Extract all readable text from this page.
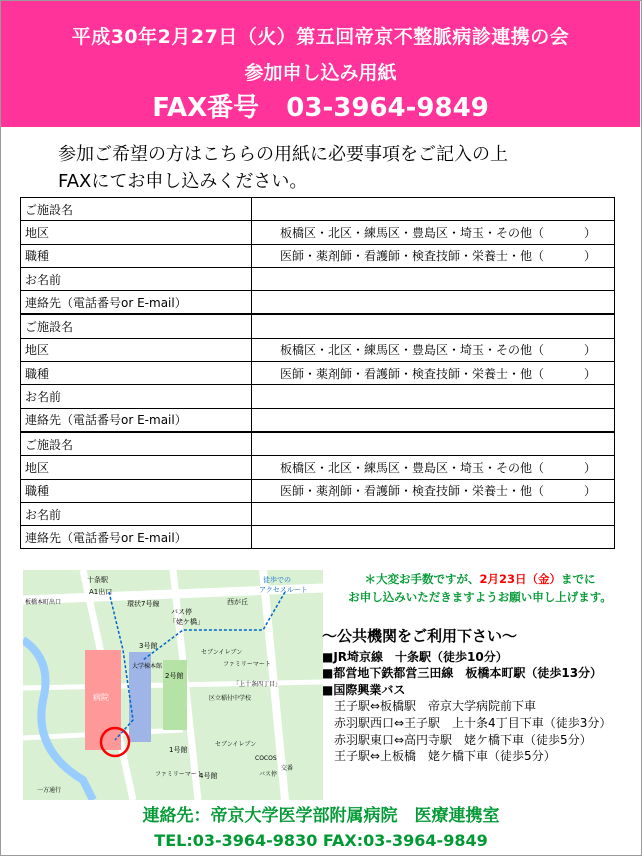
平成30年2月27日（火）第五回帝京不整脈病診連携の会
参加申し込み用紙
FAX番号 03-3964-9849
参加ご希望の方はこちらの用紙に必要事項をご記入の上
FAXにてお申し込みください。
ご施設名	
地区	板橋区・北区・練馬区・豊島区・埼玉・その他（ ）
職種	医師・薬剤師・看護師・検査技師・栄養士・他（ ）
お名前	
連絡先（電話番号or E-mail）	
ご施設名	
地区	板橋区・北区・練馬区・豊島区・埼玉・その他（ ）
職種	医師・薬剤師・看護師・検査技師・栄養士・他（ ）
お名前	
連絡先（電話番号or E-mail）	
ご施設名	
地区	板橋区・北区・練馬区・豊島区・埼玉・その他（ ）
職種	医師・薬剤師・看護師・検査技師・栄養士・他（ ）
お名前	
連絡先（電話番号or E-mail）	
病院
大学棟本館
2号館
3号館
1号館
4号館
十条駅
A1出口
板橋本町出口	環状7号線
バス停
「姥ケ橋」
西が丘
徒歩での
アクセスルート
セブンイレブン
ファミリーマート
「上十条四丁目」
区立稲付中学校
セブンイレブン
ファミリーマート
COCOS
交番
バス停
一方通行
＊大変お手数ですが、2月23日（金）までに
お申し込みいただきますようお願い申し上げます。
～公共機関をご利用下さい～
■JR埼京線　十条駅（徒歩10分）
■都営地下鉄都営三田線　板橋本町駅（徒歩13分）
■国際興業バス
王子駅⇔板橋駅　帝京大学病院前下車
赤羽駅西口⇔王子駅　上十条4丁目下車（徒歩3分）
赤羽駅東口⇔高円寺駅　姥ケ橋下車（徒歩5分）
王子駅⇔上板橋　姥ケ橋下車（徒歩5分）
連絡先：帝京大学医学部附属病院　医療連携室
TEL:03-3964-9830 FAX:03-3964-9849
